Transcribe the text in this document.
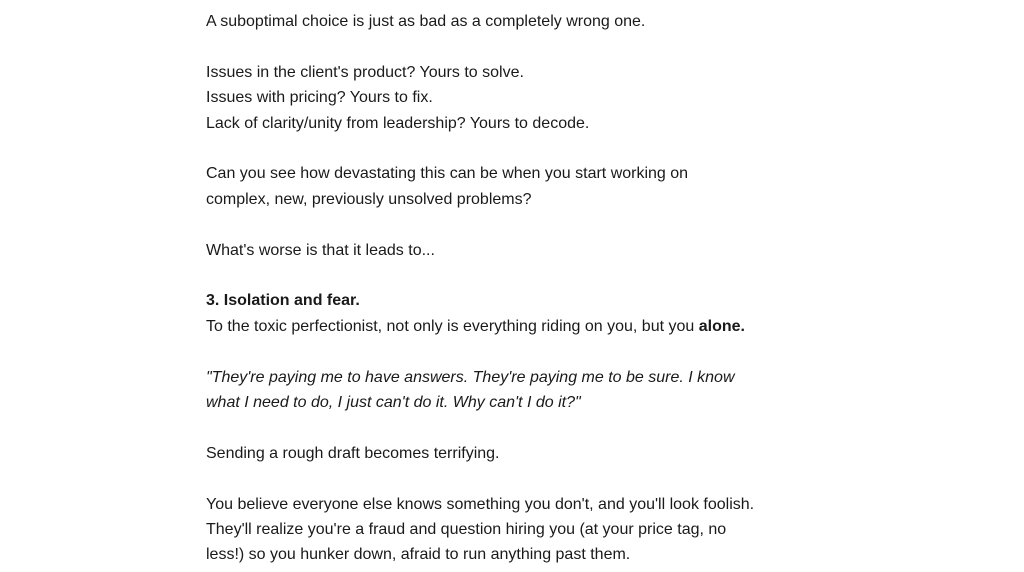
A suboptimal choice is just as bad as a completely wrong one.

Issues in the client's product? Yours to solve.

Issues with pricing? Yours to fix.

Lack of clarity/unity from leadership? Yours to decode.

Can you see how devastating this can be when you start working on

complex, new, previously unsolved problems?

What's worse is that it leads to...

3. Isolation and fear.

To the toxic perfectionist, not only is everything riding on you, but you alone.

"They're paying me to have answers. They're paying me to be sure. I know

what I need to do, I just can't do it. Why can't I do it?"

Sending a rough draft becomes terrifying.

You believe everyone else knows something you don't, and you'll look foolish.

They'll realize you're a fraud and question hiring you (at your price tag, no

less!) so you hunker down, afraid to run anything past them.
